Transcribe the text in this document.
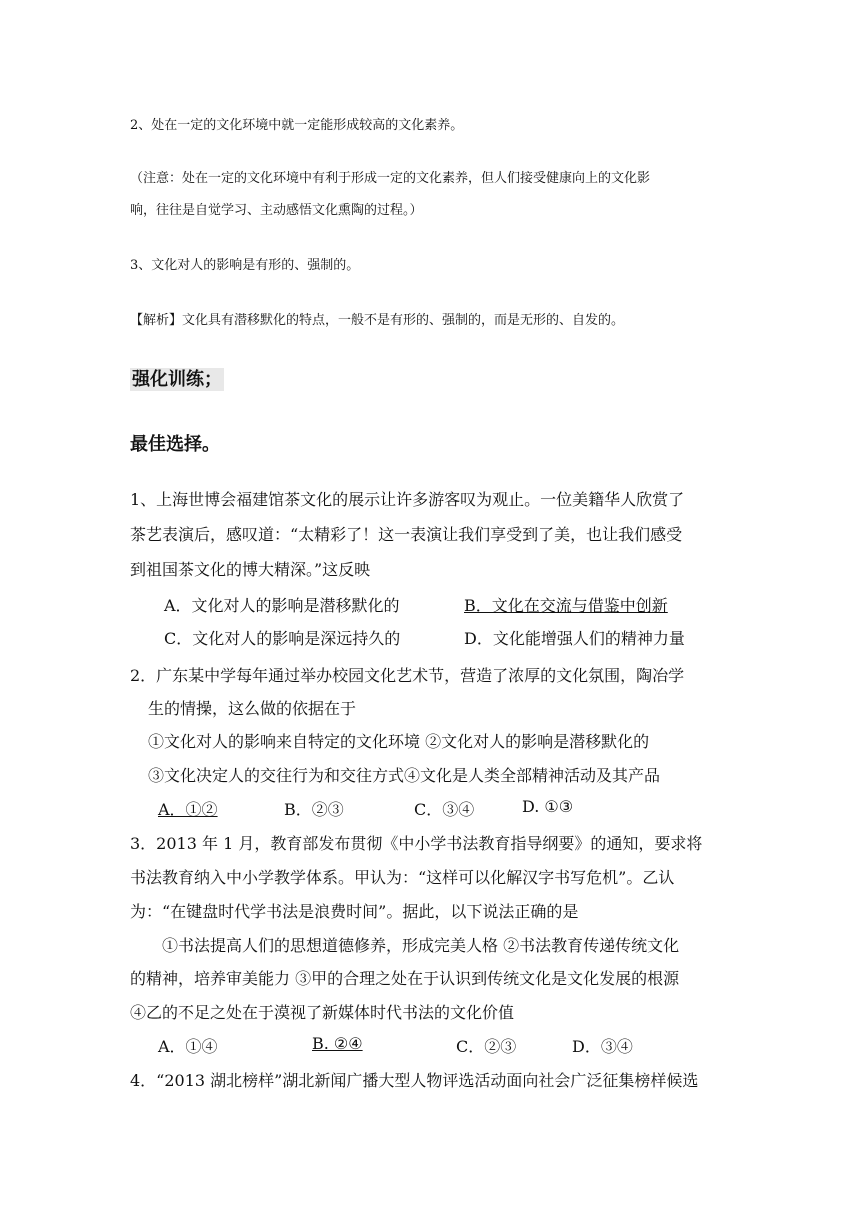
2、处在一定的文化环境中就一定能形成较高的文化素养。
（注意：处在一定的文化环境中有利于形成一定的文化素养，但人们接受健康向上的文化影
响，往往是自觉学习、主动感悟文化熏陶的过程。）
3、文化对人的影响是有形的、强制的。
【解析】文化具有潜移默化的特点，一般不是有形的、强制的，而是无形的、自发的。
强化训练；
最佳选择。
1、上海世博会福建馆茶文化的展示让许多游客叹为观止。一位美籍华人欣赏了
茶艺表演后，感叹道：“太精彩了！这一表演让我们享受到了美，也让我们感受
到祖国茶文化的博大精深。”这反映
A．文化对人的影响是潜移默化的	B．文化在交流与借鉴中创新
C．文化对人的影响是深远持久的	D．文化能增强人们的精神力量
2．广东某中学每年通过举办校园文化艺术节，营造了浓厚的文化氛围，陶冶学
生的情操，这么做的依据在于
①文化对人的影响来自特定的文化环境 ②文化对人的影响是潜移默化的
③文化决定人的交往行为和交往方式④文化是人类全部精神活动及其产品
A．①②	B．②③	C．③④	D. ①③
3．2013 年 1 月，教育部发布贯彻《中小学书法教育指导纲要》的通知，要求将
书法教育纳入中小学教学体系。甲认为：“这样可以化解汉字书写危机”。乙认
为：“在键盘时代学书法是浪费时间”。据此，以下说法正确的是
①书法提高人们的思想道德修养，形成完美人格 ②书法教育传递传统文化
的精神，培养审美能力 ③甲的合理之处在于认识到传统文化是文化发展的根源
④乙的不足之处在于漠视了新媒体时代书法的文化价值
A．①④	B. ②④	C．②③	D．③④
4．“2013 湖北榜样”湖北新闻广播大型人物评选活动面向社会广泛征集榜样候选
